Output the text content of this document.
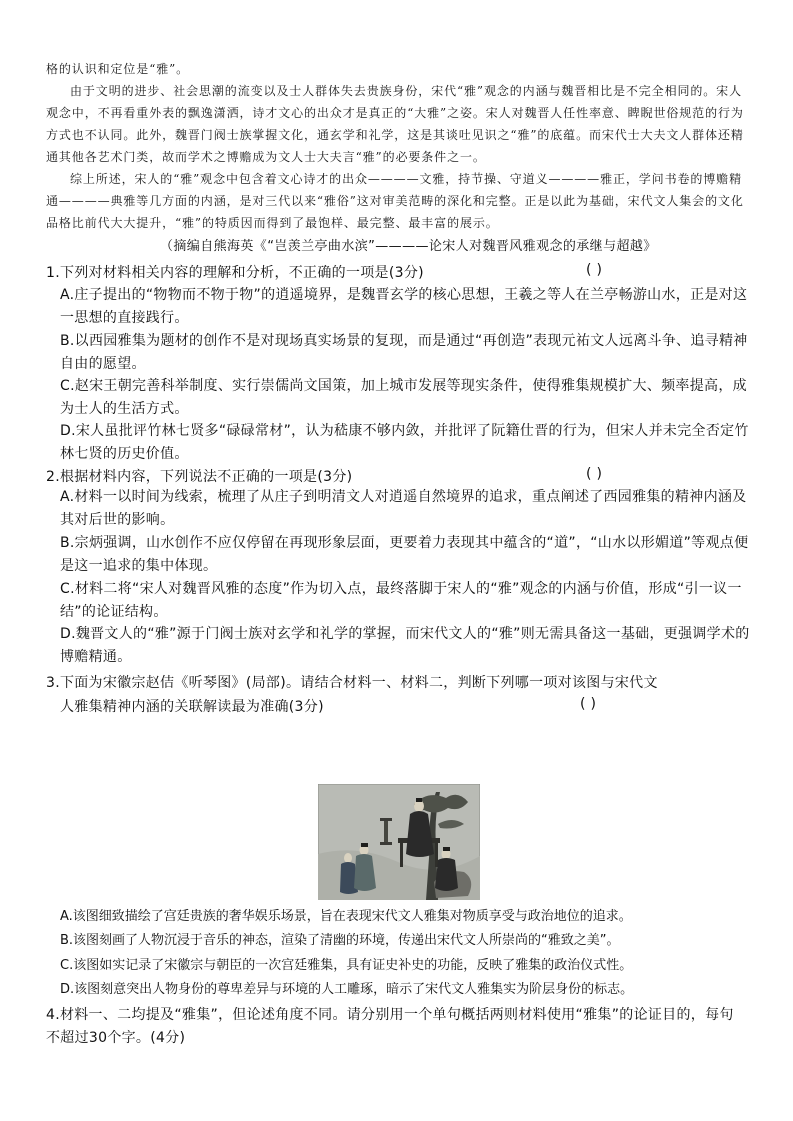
格的认识和定位是“雅”。
由于文明的进步、社会思潮的流变以及士人群体失去贵族身份，宋代“雅”观念的内涵与魏晋相比是不完全相同的。宋人观念中，不再看重外表的飘逸潇洒，诗才文心的出众才是真正的“大雅”之姿。宋人对魏晋人任性率意、睥睨世俗规范的行为方式也不认同。此外，魏晋门阀士族掌握文化，通玄学和礼学，这是其谈吐见识之“雅”的底蕴。而宋代士大夫文人群体还精通其他各艺术门类，故而学术之博赡成为文人士大夫言“雅”的必要条件之一。
综上所述，宋人的“雅”观念中包含着文心诗才的出众————文雅，持节操、守道义————雅正，学问书卷的博赡精通————典雅等几方面的内涵，是对三代以来“雅俗”这对审美范畴的深化和完整。正是以此为基础，宋代文人集会的文化品格比前代大大提升，“雅”的特质因而得到了最饱样、最完整、最丰富的展示。
（摘编自熊海英《“岂羡兰亭曲水滨”————论宋人对魏晋风雅观念的承继与超越》
1.下列对材料相关内容的理解和分析，不正确的一项是(3分)	( )
A.庄子提出的“物物而不物于物”的逍遥境界，是魏晋玄学的核心思想，王羲之等人在兰亭畅游山水，正是对这一思想的直接践行。
B.以西园雅集为题材的创作不是对现场真实场景的复现，而是通过“再创造”表现元祐文人远离斗争、追寻精神自由的愿望。
C.赵宋王朝完善科举制度、实行崇儒尚文国策，加上城市发展等现实条件，使得雅集规模扩大、频率提高，成为士人的生活方式。
D.宋人虽批评竹林七贤多“碌碌常材”，认为嵇康不够内敛，并批评了阮籍仕晋的行为，但宋人并未完全否定竹林七贤的历史价值。
2.根据材料内容，下列说法不正确的一项是(3分)	( )
A.材料一以时间为线索，梳理了从庄子到明清文人对逍遥自然境界的追求，重点阐述了西园雅集的精神内涵及其对后世的影响。
B.宗炳强调，山水创作不应仅停留在再现形象层面，更要着力表现其中蕴含的“道”，“山水以形媚道”等观点便是这一追求的集中体现。
C.材料二将“宋人对魏晋风雅的态度”作为切入点，最终落脚于宋人的“雅”观念的内涵与价值，形成“引一议一结”的论证结构。
D.魏晋文人的“雅”源于门阀士族对玄学和礼学的掌握，而宋代文人的“雅”则无需具备这一基础，更强调学术的博赡精通。
3.下面为宋徽宗赵佶《听琴图》(局部)。请结合材料一、材料二，判断下列哪一项对该图与宋代文
人雅集精神内涵的关联解读最为准确(3分)	( )
A.该图细致描绘了宫廷贵族的奢华娱乐场景，旨在表现宋代文人雅集对物质享受与政治地位的追求。
B.该图刻画了人物沉浸于音乐的神态，渲染了清幽的环境，传递出宋代文人所崇尚的“雅致之美”。
C.该图如实记录了宋徽宗与朝臣的一次宫廷雅集，具有证史补史的功能，反映了雅集的政治仪式性。
D.该图刻意突出人物身份的尊卑差异与环境的人工雕琢，暗示了宋代文人雅集实为阶层身份的标志。
4.材料一、二均提及“雅集”，但论述角度不同。请分别用一个单句概括两则材料使用“雅集”的论证目的，每句不超过30个字。(4分)
